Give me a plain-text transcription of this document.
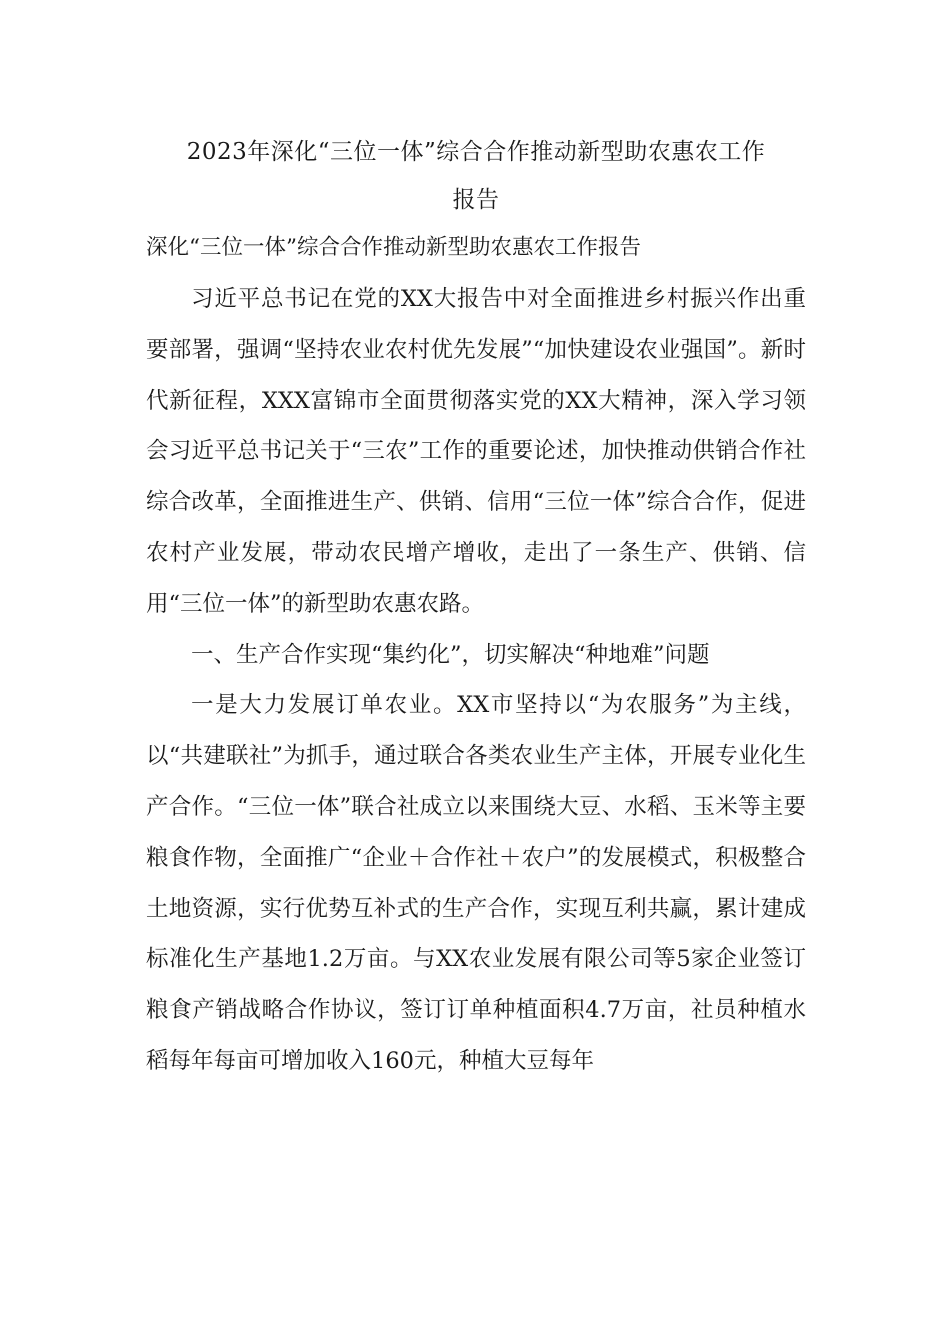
2023年深化“三位一体”综合合作推动新型助农惠农工作
报告

深化“三位一体”综合合作推动新型助农惠农工作报告

习近平总书记在党的XX大报告中对全面推进乡村振兴作出重要部署，强调“坚持农业农村优先发展”“加快建设农业强国”。新时代新征程，XXX富锦市全面贯彻落实党的XX大精神，深入学习领会习近平总书记关于“三农”工作的重要论述，加快推动供销合作社综合改革，全面推进生产、供销、信用“三位一体”综合合作，促进农村产业发展，带动农民增产增收，走出了一条生产、供销、信用“三位一体”的新型助农惠农路。

一、生产合作实现“集约化”，切实解决“种地难”问题

一是大力发展订单农业。XX市坚持以“为农服务”为主线，以“共建联社”为抓手，通过联合各类农业生产主体，开展专业化生产合作。“三位一体”联合社成立以来围绕大豆、水稻、玉米等主要粮食作物，全面推广“企业＋合作社＋农户”的发展模式，积极整合土地资源，实行优势互补式的生产合作，实现互利共赢，累计建成标准化生产基地1.2万亩。与XX农业发展有限公司等5家企业签订粮食产销战略合作协议，签订订单种植面积4.7万亩，社员种植水稻每年每亩可增加收入160元，种植大豆每年
